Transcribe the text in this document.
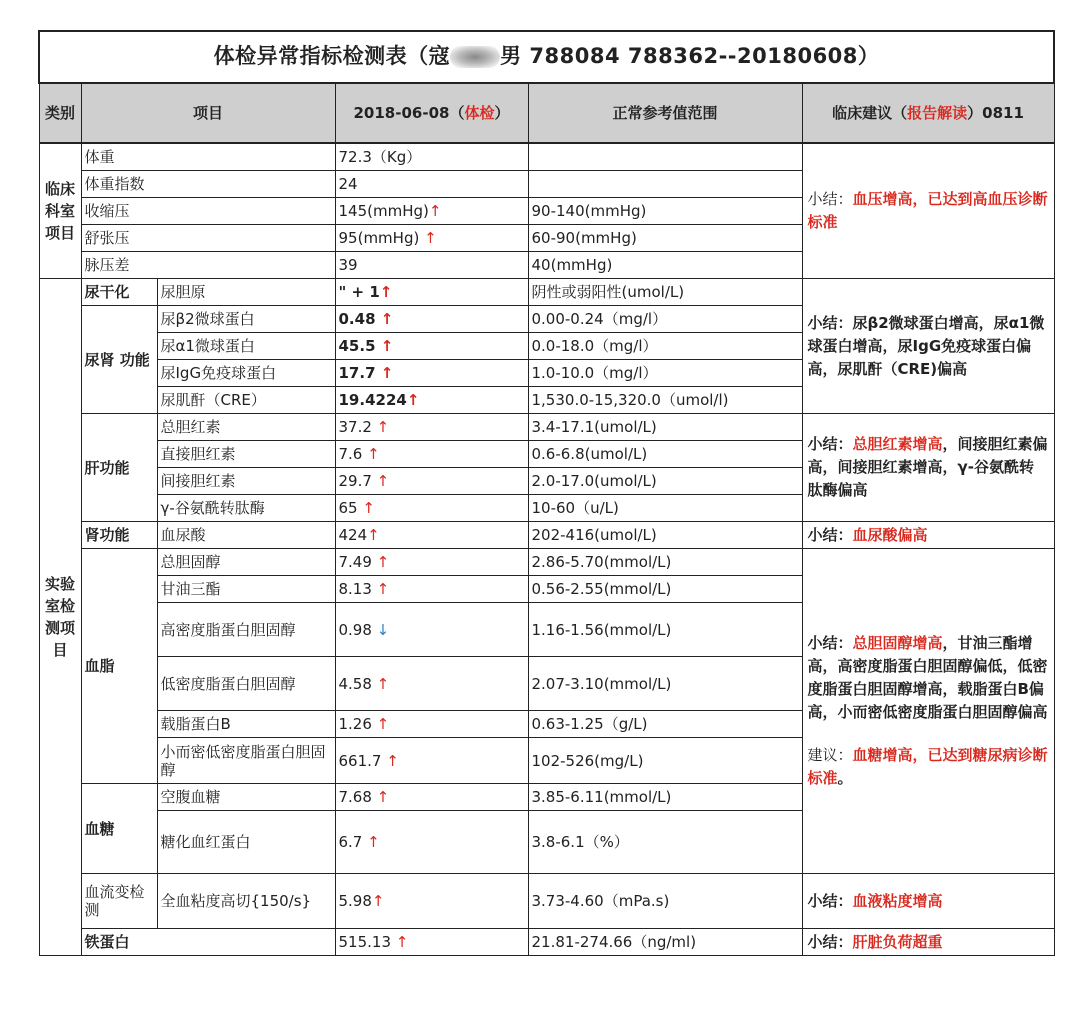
体检异常指标检测表（寇 男 788084 788362--20180608）					
类别	项目		2018-06-08（体检）	正常参考值范围	临床建议（报告解读）0811
临床科室项目	体重		72.3（Kg）		小结：血压增高，已达到高血压诊断标准
	体重指数		24		
	收缩压		145(mmHg)↑	90-140(mmHg)	
	舒张压		95(mmHg) ↑	60-90(mmHg)	
	脉压差		39	40(mmHg)	
实验室检测项目	尿干化	尿胆原	" + 1↑	阴性或弱阳性(umol/L)	小结：尿β2微球蛋白增高，尿α1微球蛋白增高，尿IgG免疫球蛋白偏高，尿肌酐（CRE)偏高
	尿肾 功能	尿β2微球蛋白	0.48 ↑	0.00-0.24（mg/l）	
		尿α1微球蛋白	45.5 ↑	0.0-18.0（mg/l）	
		尿IgG免疫球蛋白	17.7 ↑	1.0-10.0（mg/l）	
		尿肌酐（CRE）	19.4224↑	1,530.0-15,320.0（umol/l)	
	肝功能	总胆红素	37.2 ↑	3.4-17.1(umol/L)	小结：总胆红素增高，间接胆红素偏高，间接胆红素增高，γ-谷氨酰转肽酶偏高
		直接胆红素	7.6 ↑	0.6-6.8(umol/L)	
		间接胆红素	29.7 ↑	2.0-17.0(umol/L)	
		γ-谷氨酰转肽酶	65 ↑	10-60（u/L)	
	肾功能	血尿酸	424↑	202-416(umol/L)	小结：血尿酸偏高
	血脂	总胆固醇	7.49 ↑	2.86-5.70(mmol/L)	小结：总胆固醇增高，甘油三酯增高，高密度脂蛋白胆固醇偏低，低密度脂蛋白胆固醇增高，载脂蛋白B偏高，小而密低密度脂蛋白胆固醇偏高
建议：血糖增高，已达到糖尿病诊断标准。

		甘油三酯	8.13 ↑	0.56-2.55(mmol/L)	
		高密度脂蛋白胆固醇	0.98 ↓	1.16-1.56(mmol/L)	
		低密度脂蛋白胆固醇	4.58 ↑	2.07-3.10(mmol/L)	
		载脂蛋白B	1.26 ↑	0.63-1.25（g/L)	
		小而密低密度脂蛋白胆固醇	661.7 ↑	102-526(mg/L)	
	血糖	空腹血糖	7.68 ↑	3.85-6.11(mmol/L)	
		糖化血红蛋白	6.7 ↑	3.8-6.1（%）	
	血流变检测	全血粘度高切{150/s}	5.98↑	3.73-4.60（mPa.s)	小结：血液粘度增高
	铁蛋白		515.13 ↑	21.81-274.66（ng/ml)	小结：肝脏负荷超重
